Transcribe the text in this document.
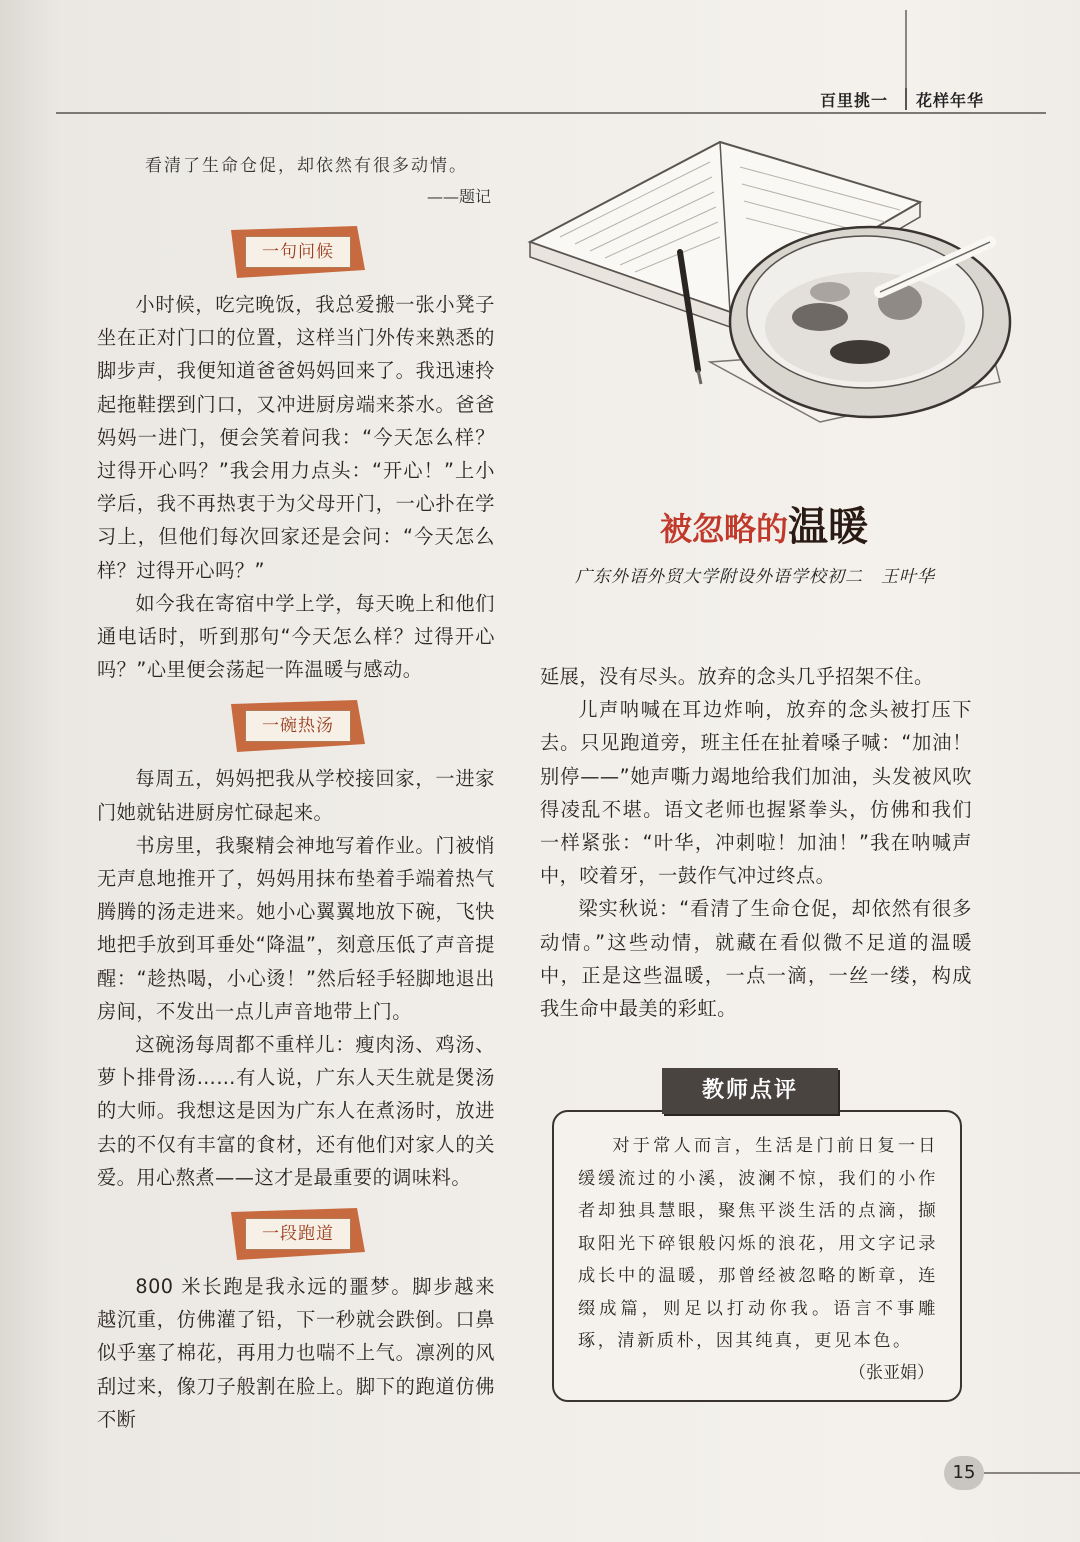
百里挑一 花样年华
被忽略的温暖
广东外语外贸大学附设外语学校初二　王叶华

看清了生命仓促，却依然有很多动情。

——题记

一句问候

小时候，吃完晚饭，我总爱搬一张小凳子坐在正对门口的位置，这样当门外传来熟悉的脚步声，我便知道爸爸妈妈回来了。我迅速拎起拖鞋摆到门口，又冲进厨房端来茶水。爸爸妈妈一进门，便会笑着问我：“今天怎么样？过得开心吗？”我会用力点头：“开心！”上小学后，我不再热衷于为父母开门，一心扑在学习上，但他们每次回家还是会问：“今天怎么样？过得开心吗？”

如今我在寄宿中学上学，每天晚上和他们通电话时，听到那句“今天怎么样？过得开心吗？”心里便会荡起一阵温暖与感动。

一碗热汤

每周五，妈妈把我从学校接回家，一进家门她就钻进厨房忙碌起来。

书房里，我聚精会神地写着作业。门被悄无声息地推开了，妈妈用抹布垫着手端着热气腾腾的汤走进来。她小心翼翼地放下碗，飞快地把手放到耳垂处“降温”，刻意压低了声音提醒：“趁热喝，小心烫！”然后轻手轻脚地退出房间，不发出一点儿声音地带上门。

这碗汤每周都不重样儿：瘦肉汤、鸡汤、萝卜排骨汤……有人说，广东人天生就是煲汤的大师。我想这是因为广东人在煮汤时，放进去的不仅有丰富的食材，还有他们对家人的关爱。用心熬煮——这才是最重要的调味料。

一段跑道

800 米长跑是我永远的噩梦。脚步越来越沉重，仿佛灌了铅，下一秒就会跌倒。口鼻似乎塞了棉花，再用力也喘不上气。凛冽的风刮过来，像刀子般割在脸上。脚下的跑道仿佛不断

延展，没有尽头。放弃的念头几乎招架不住。

儿声呐喊在耳边炸响，放弃的念头被打压下去。只见跑道旁，班主任在扯着嗓子喊：“加油！别停——”她声嘶力竭地给我们加油，头发被风吹得凌乱不堪。语文老师也握紧拳头，仿佛和我们一样紧张：“叶华，冲刺啦！加油！”我在呐喊声中，咬着牙，一鼓作气冲过终点。

梁实秋说：“看清了生命仓促，却依然有很多动情。”这些动情，就藏在看似微不足道的温暖中，正是这些温暖，一点一滴，一丝一缕，构成我生命中最美的彩虹。

对于常人而言，生活是门前日复一日缓缓流过的小溪，波澜不惊，我们的小作者却独具慧眼，聚焦平淡生活的点滴，撷取阳光下碎银般闪烁的浪花，用文字记录成长中的温暖，那曾经被忽略的断章，连缀成篇，则足以打动你我。语言不事雕琢，清新质朴，因其纯真，更见本色。

（张亚娟）

教师点评
15
